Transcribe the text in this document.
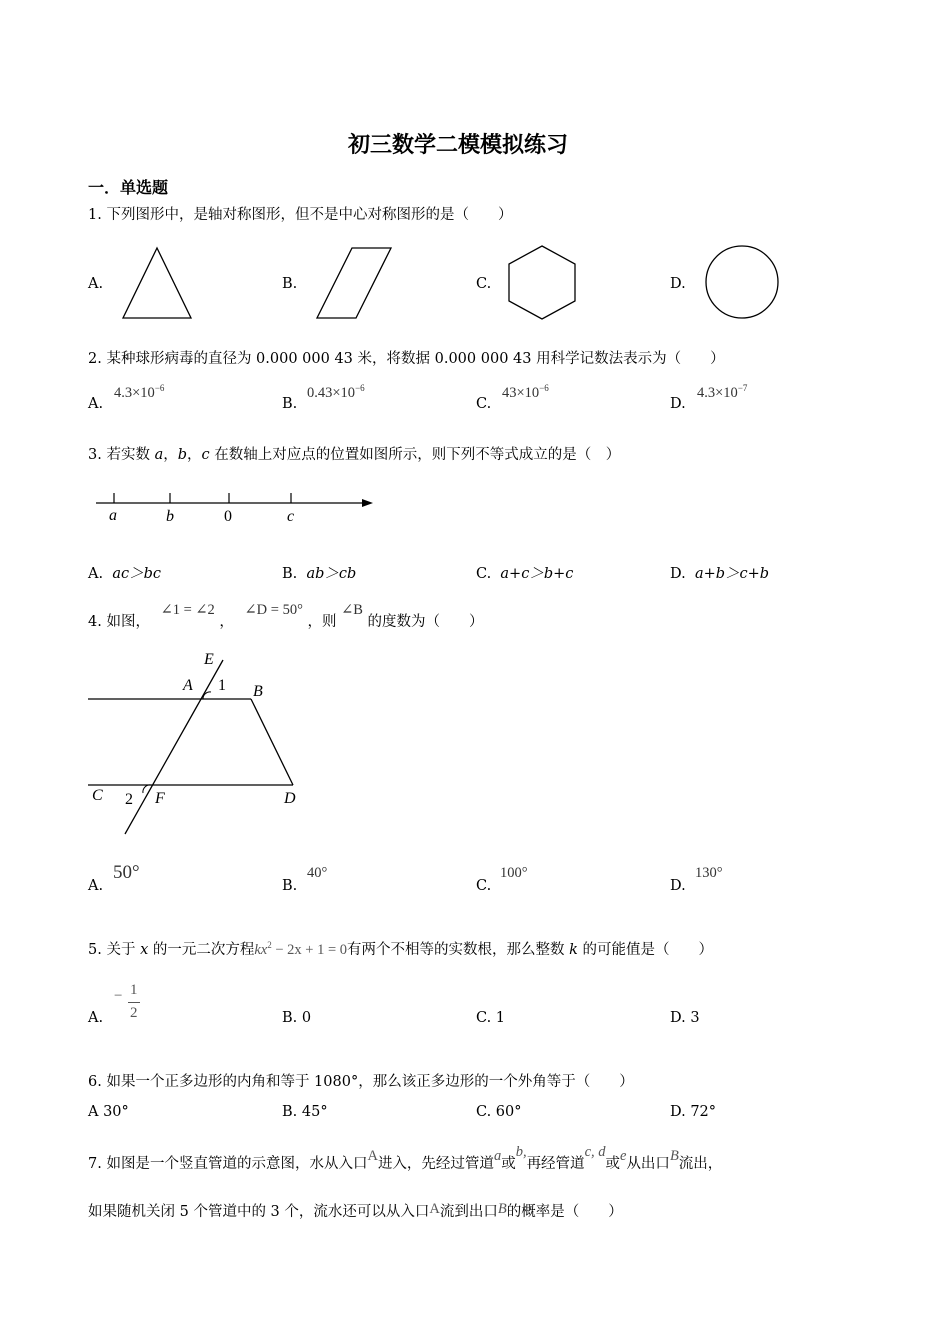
初三数学二模模拟练习
一．单选题
1. 下列图形中，是轴对称图形，但不是中心对称图形的是（　　）
A.	B.	C.	D.
2. 某种球形病毒的直径为 0.000 000 43 米，将数据 0.000 000 43 用科学记数法表示为（　　）
A.
$4.3\times 10^{-6}$
B.
$0.43\times 10^{-6}$
C.
$43\times 10^{-6}$
D.
$4.3\times 10^{-7}$
3. 若实数 a，b，c 在数轴上对应点的位置如图所示，则下列不等式成立的是（　）
a	b	0	c
A. ac＞bc	B. ab＞cb	C. a+c＞b+c	D. a+b＞c+b
4. 如图， ∠1 = ∠2 ， ∠D = 50° ，则 ∠B 的度数为（　　）
E
A 1 B
C 2 F	D
A.
50°
B.
40°
C.
100°
D.
130°
5. 关于 x 的一元二次方程$kx^2 - 2x + 1 = 0$有两个不相等的实数根，那么整数 k 的可能值是（　　）
A.
− 1
2	B. 0	C. 1	D. 3
6. 如果一个正多边形的内角和等于 1080°，那么该正多边形的一个外角等于（　　）
A 30°	B. 45°	C. 60°	D. 72°
7. 如图是一个竖直管道的示意图，水从入口A进入，先经过管道a或b,再经管道c, d或e从出口B流出，
如果随机关闭 5 个管道中的 3 个，流水还可以从入口A流到出口B的概率是（　　）
